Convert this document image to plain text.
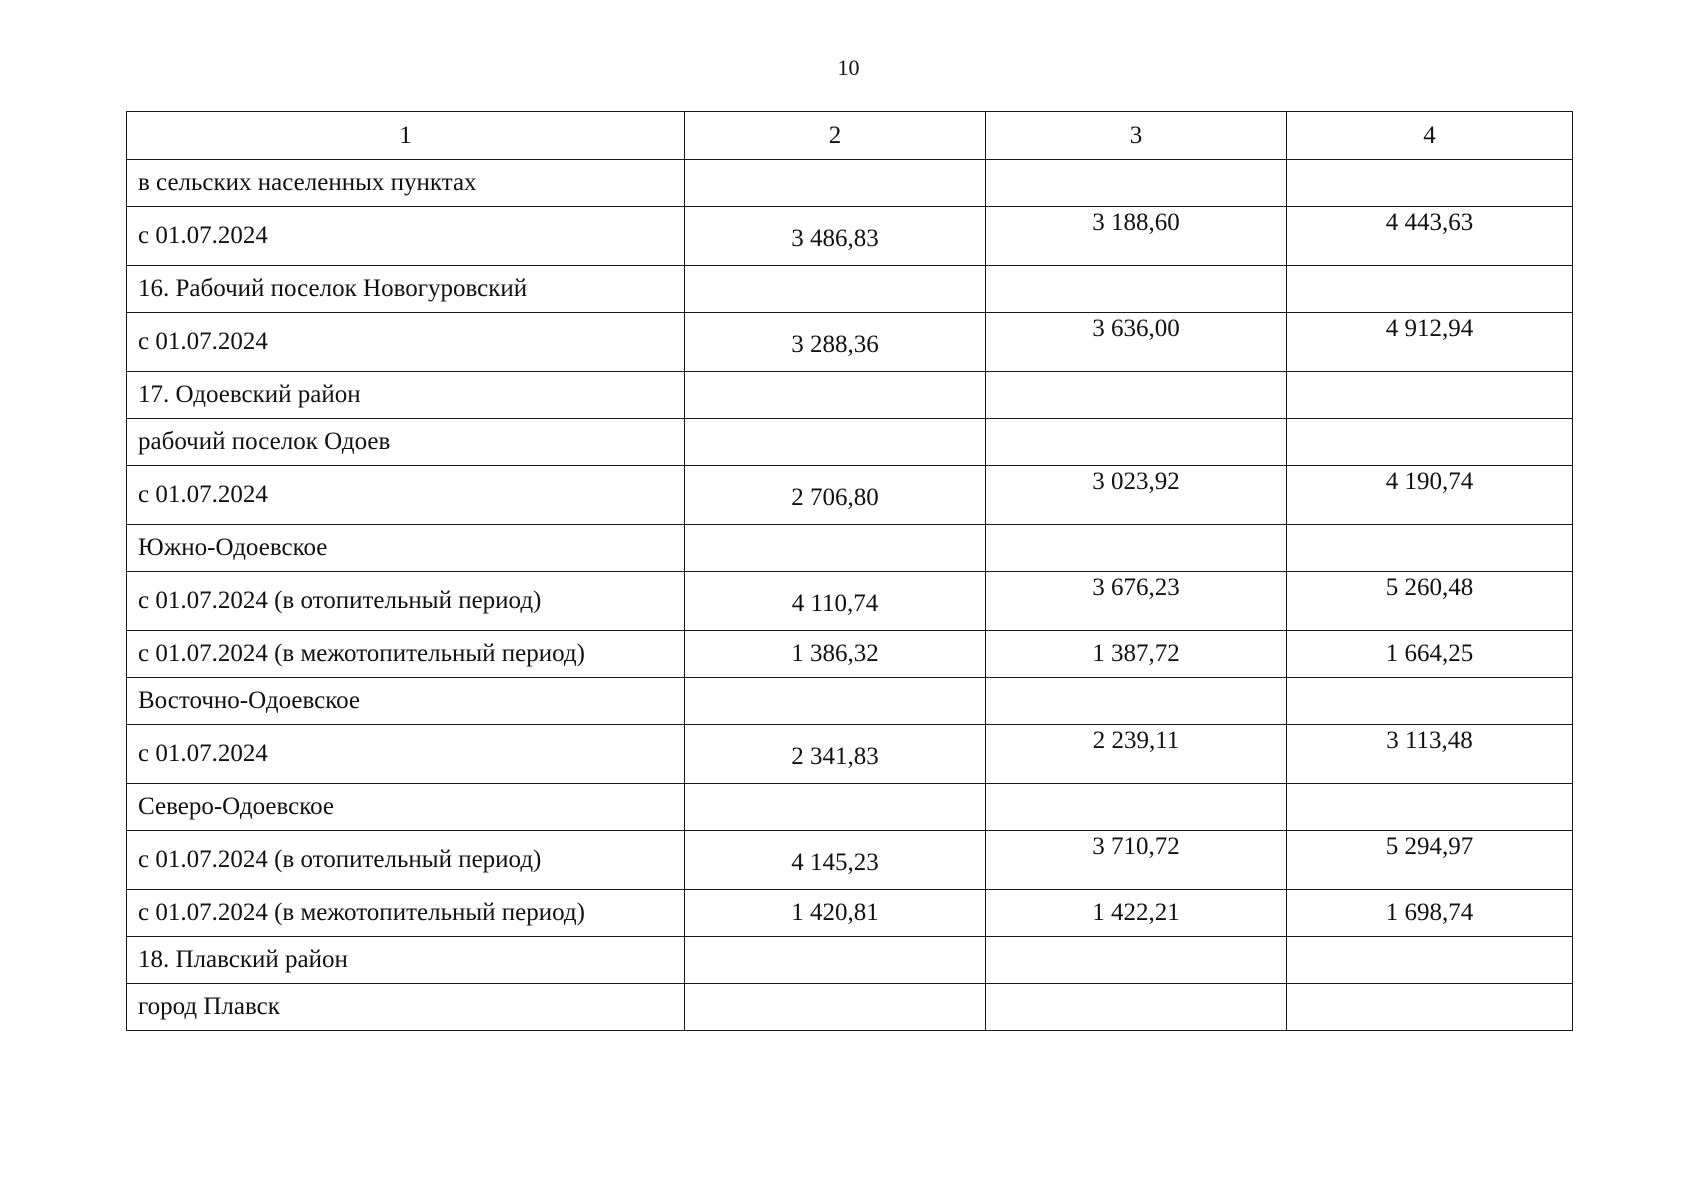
10
1	2	3	4
в сельских населенных пунктах			
с 01.07.2024	3 486,83	3 188,60	4 443,63
16. Рабочий поселок Новогуровский			
с 01.07.2024	3 288,36	3 636,00	4 912,94
17. Одоевский район			
рабочий поселок Одоев			
с 01.07.2024	2 706,80	3 023,92	4 190,74
Южно-Одоевское			
с 01.07.2024 (в отопительный период)	4 110,74	3 676,23	5 260,48
с 01.07.2024 (в межотопительный период)	1 386,32	1 387,72	1 664,25
Восточно-Одоевское			
с 01.07.2024	2 341,83	2 239,11	3 113,48
Северо-Одоевское			
с 01.07.2024 (в отопительный период)	4 145,23	3 710,72	5 294,97
с 01.07.2024 (в межотопительный период)	1 420,81	1 422,21	1 698,74
18. Плавский район			
город Плавск			
